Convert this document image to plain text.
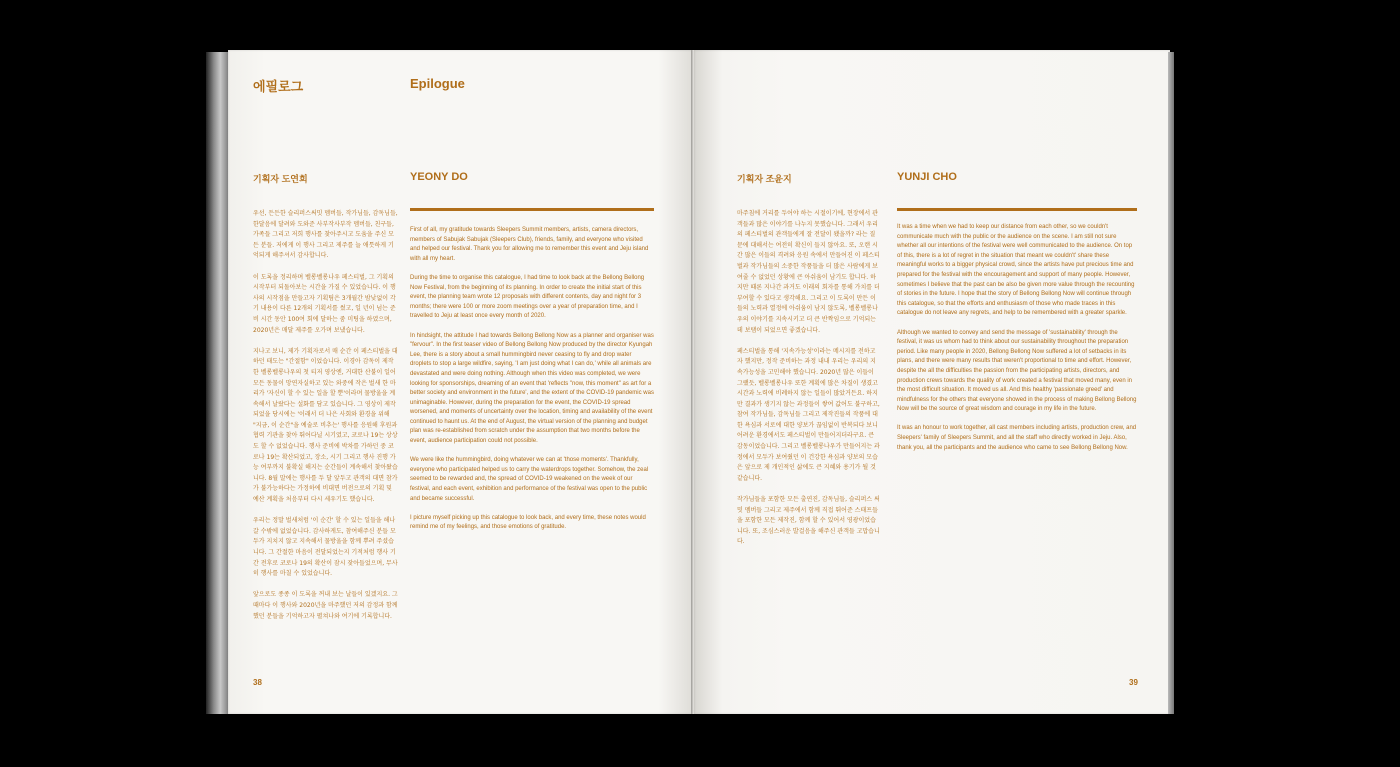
에필로그	Epilogue
기획자 도연희	YEONY DO

우선, 든든한 슬리퍼스써밋 멤버들, 작가님들, 감독님들, 한달음에 달려와 도와준 사부작사부작 멤버들, 친구들, 가족들 그리고 저희 행사를 찾아주시고 도움을 주신 모든 분들. 저에게 이 행사 그리고 제주를 늘 애틋하게 기억되게 해주셔서 감사합니다.

이 도록을 정리하며 벨롱벨롱나우 페스티벌, 그 기획의 시작부터 되돌아보는 시간을 가질 수 있었습니다. 이 행사의 시작점을 만들고자 기획팀은 3개월간 밤낮없이 각기 내용이 다른 12개의 기획서를 썼고, 일 년이 넘는 준비 시간 동안 100여 회에 달하는 줌 미팅을 하였으며, 2020년은 매달 제주를 오가며 보냈습니다.

지나고 보니, 제가 기획자로서 매 순간 이 페스티벌을 대하던 태도는 "간절함" 이었습니다. 이경아 감독이 제작한 벨롱벨롱나우의 첫 티저 영상엔, 거대한 산불이 일어 모든 동물이 망연자실하고 있는 와중에 작은 벌새 한 마리가 '자신이 할 수 있는 일을 할 뿐'이라며 물방울을 계속해서 날랐다는 설화를 담고 있습니다. 그 영상이 제작되었을 당시에는 '이래서 더 나은 사회와 환경을 위해 "지금, 이 순간"을 예술로 비추는' 행사를 응원해 후원과 협력 기관을 찾아 뛰어다닐 시기였고, 코로나 19는 상상도 할 수 없었습니다. 행사 준비에 박차를 가하던 중 코로나 19는 확산되었고, 장소, 시기 그리고 행사 진행 가능 여부까지 불확실 해지는 순간들이 계속해서 찾아왔습니다. 8월 말에는 행사를 두 달 앞두고 관객의 대면 참가가 불가능하다는 가정하에 비대면 버전으로의 기획 및 예산 계획을 처음부터 다시 세우기도 했습니다.

우리는 정말 벌새처럼 '이 순간' 할 수 있는 일들을 해나갈 수밖에 없었습니다. 감사하게도, 참여해주신 분들 모두가 지치지 않고 지속해서 물방울을 함께 뿌려 주셨습니다. 그 간절한 마음이 전달되었는지 기적처럼 행사 기간 전후로 코로나 19의 확산이 잠시 잦아들었으며, 무사히 행사를 마칠 수 있었습니다.

앞으로도 종종 이 도록을 꺼내 보는 날들이 있겠지요. 그때마다 이 행사와 2020년을 마주했던 저의 감정과 함께했던 분들을 기억하고자 펼쳐나와 여기에 기록합니다.

First of all, my gratitude towards Sleepers Summit members, artists, camera directors, members of Sabujak Sabujak (Sleepers Club), friends, family, and everyone who visited and helped our festival. Thank you for allowing me to remember this event and Jeju island with all my heart.

During the time to organise this catalogue, I had time to look back at the Bellong Bellong Now Festival, from the beginning of its planning. In order to create the initial start of this event, the planning team wrote 12 proposals with different contents, day and night for 3 months; there were 100 or more zoom meetings over a year of preparation time, and I travelled to Jeju at least once every month of 2020.

In hindsight, the attitude I had towards Bellong Bellong Now as a planner and organiser was "fervour". In the first teaser video of Bellong Bellong Now produced by the director Kyungah Lee, there is a story about a small hummingbird never ceasing to fly and drop water droplets to stop a large wildfire, saying, 'I am just doing what I can do,' while all animals are devastated and were doing nothing. Although when this video was completed, we were looking for sponsorships, dreaming of an event that 'reflects "now, this moment" as art for a better society and environment in the future', and the extent of the COVID-19 pandemic was unimaginable. However, during the preparation for the event, the COVID-19 spread worsened, and moments of uncertainty over the location, timing and availability of the event continued to haunt us. At the end of August, the virtual version of the planning and budget plan was re-established from scratch under the assumption that two months before the event, audience participation could not possible.

We were like the hummingbird, doing whatever we can at 'those moments'. Thankfully, everyone who participated helped us to carry the waterdrops together. Somehow, the zeal seemed to be rewarded and, the spread of COVID-19 weakened on the week of our festival, and each event, exhibition and performance of the festival was open to the public and became successful.

I picture myself picking up this catalogue to look back, and every time, these notes would remind me of my feelings, and those emotions of gratitude.

38
기획자 조윤지	YUNJI CHO

마주침에 거리를 두어야 하는 시절이기에, 현장에서 관객들과 많은 이야기를 나누지 못했습니다. 그래서 우리의 페스티벌의 관객들에게 잘 전달이 됐을까? 라는 질문에 대해서는 여전히 확신이 들지 않아요. 또, 오랜 시간 많은 이들의 격려와 응원 속에서 만들어진 이 페스티벌과 작가님들의 소중한 작품들을 더 많은 사람에게 보여줄 수 없었던 상황에 큰 아쉬움이 남기도 합니다. 하지만 때론 지나간 과거도 이래의 회자를 통해 가치를 더 부여할 수 있다고 생각해요. 그리고 이 도록이 만든 이들의 노력과 열정에 아쉬움이 남지 않도록, 벨롱벨롱나우의 이야기를 지속시키고 더 큰 반짝임으로 기억되는 데 보탬이 되었으면 좋겠습니다.

페스티벌을 통해 '지속가능성'이라는 메시지를 전하고자 했지만, 정작 준비하는 과정 내내 우리는 우리의 지속가능성을 고민해야 했습니다. 2020년 많은 이들이 그랬듯, 벨롱벨롱나우 또한 계획에 많은 차질이 생겼고 시간과 노력에 비례하지 않는 일들이 많았거든요. 하지만 결과가 생기지 않는 과정들이 쌓여 값어도 불구하고, 참여 작가님들, 감독님들 그리고 제작진들의 작품에 대한 욕심과 서로에 대한 양보가 끊임없이 반복되다 보니 어려운 환경에서도 페스티벌이 만들어지더라구요. 큰 감동이었습니다. 그리고 벨롱벨롱나우가 만들어지는 과정에서 모두가 보여줬던 이 건강한 욕심과 양보의 모습은 앞으로 제 개인적인 삶에도 큰 지혜와 용기가 될 것 같습니다.

작가님들을 포함한 모든 출연진, 감독님들, 슬리퍼스 써밋 멤버들 그리고 제주에서 함께 직접 뛰어준 스태프들을 포함한 모든 제작진, 함께 할 수 있어서 영광이었습니다. 또, 조심스러운 발걸음을 해주신 관객들 고맙습니다.

It was a time when we had to keep our distance from each other, so we couldn't communicate much with the public or the audience on the scene. I am still not sure whether all our intentions of the festival were well communicated to the audience. On top of this, there is a lot of regret in the situation that meant we couldn't' share these meaningful works to a bigger physical crowd, since the artists have put precious time and prepared for the festival with the encouragement and support of many people. However, sometimes I believe that the past can be also be given more value through the recounting of stories in the future. I hope that the story of Bellong Bellong Now will continue through this catalogue, so that the efforts and enthusiasm of those who made traces in this catalogue do not leave any regrets, and help to be remembered with a greater sparkle.

Although we wanted to convey and send the message of 'sustainability' through the festival, it was us whom had to think about our sustainability throughout the preparation period. Like many people in 2020, Bellong Bellong Now suffered a lot of setbacks in its plans, and there were many results that weren't proportional to time and effort. However, despite the all the difficulties the passion from the participating artists, directors, and production crews towards the quality of work created a festival that moved many, even in the most difficult situation. It moved us all. And this healthy 'passionate greed' and mindfulness for the others that everyone showed in the process of making Bellong Bellong Now will be the source of great wisdom and courage in my life in the future.

It was an honour to work together, all cast members including artists, production crew, and Sleepers' family of Sleepers Summit, and all the staff who directly worked in Jeju. Also, thank you, all the participants and the audience who came to see Bellong Bellong Now.

39
